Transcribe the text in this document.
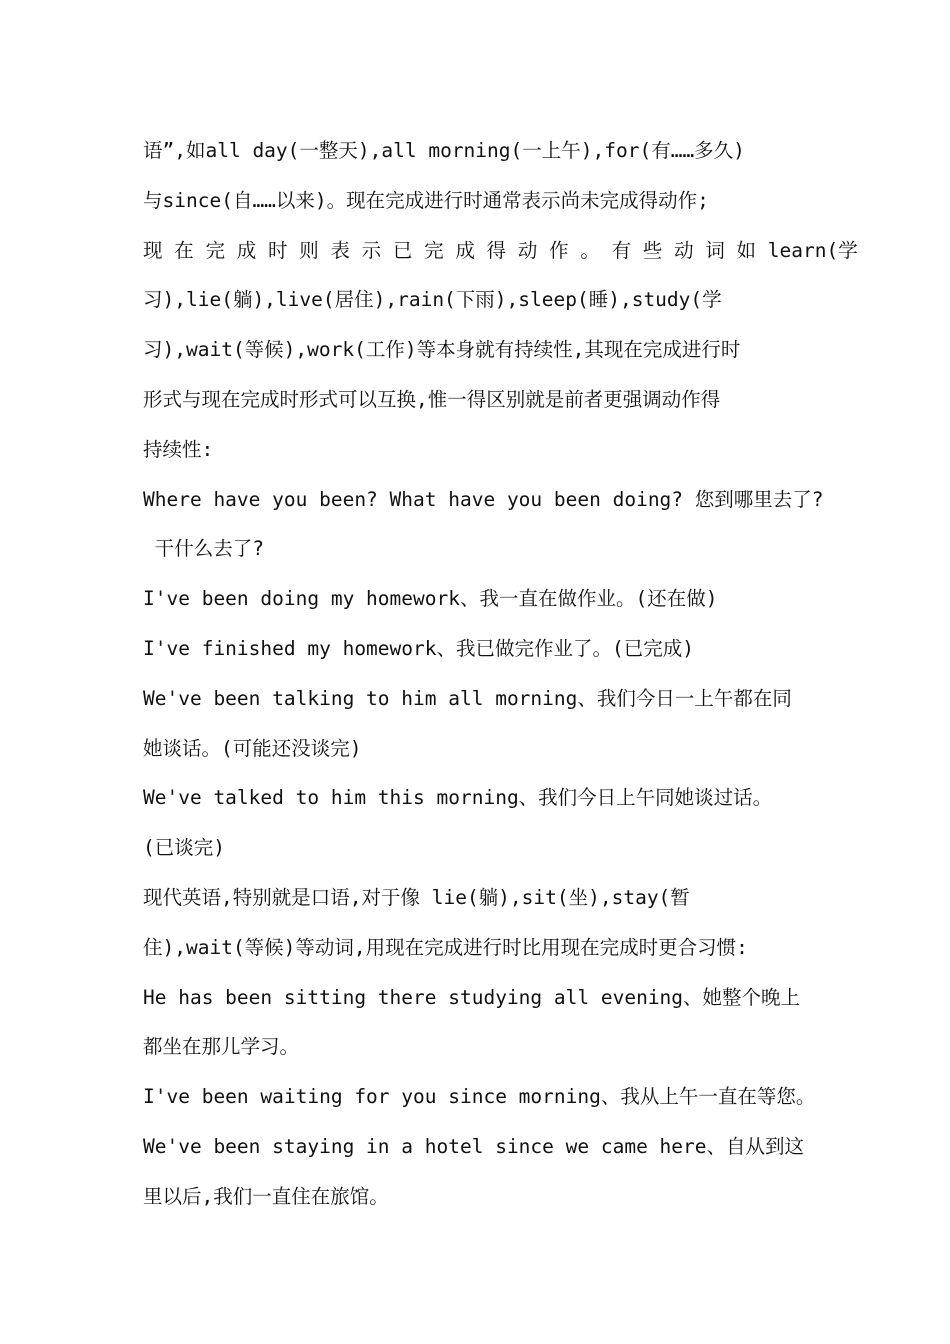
语”,如all day(一整天),all morning(一上午),for(有……多久)
与since(自……以来)。现在完成进行时通常表示尚未完成得动作;
现 在 完 成 时 则 表 示 已 完 成 得 动 作 。 有 些 动 词 如 learn(学
习),lie(躺),live(居住),rain(下雨),sleep(睡),study(学
习),wait(等候),work(工作)等本身就有持续性,其现在完成进行时
形式与现在完成时形式可以互换,惟一得区别就是前者更强调动作得
持续性:
Where have you been? What have you been doing? 您到哪里去了?
干什么去了?
I've been doing my homework、我一直在做作业。(还在做)
I've finished my homework、我已做完作业了。(已完成)
We've been talking to him all morning、我们今日一上午都在同
她谈话。(可能还没谈完)
We've talked to him this morning、我们今日上午同她谈过话。
(已谈完)
现代英语,特别就是口语,对于像 lie(躺),sit(坐),stay(暂
住),wait(等候)等动词,用现在完成进行时比用现在完成时更合习惯:
He has been sitting there studying all evening、她整个晚上
都坐在那儿学习。
I've been waiting for you since morning、我从上午一直在等您。
We've been staying in a hotel since we came here、自从到这
里以后,我们一直住在旅馆。
